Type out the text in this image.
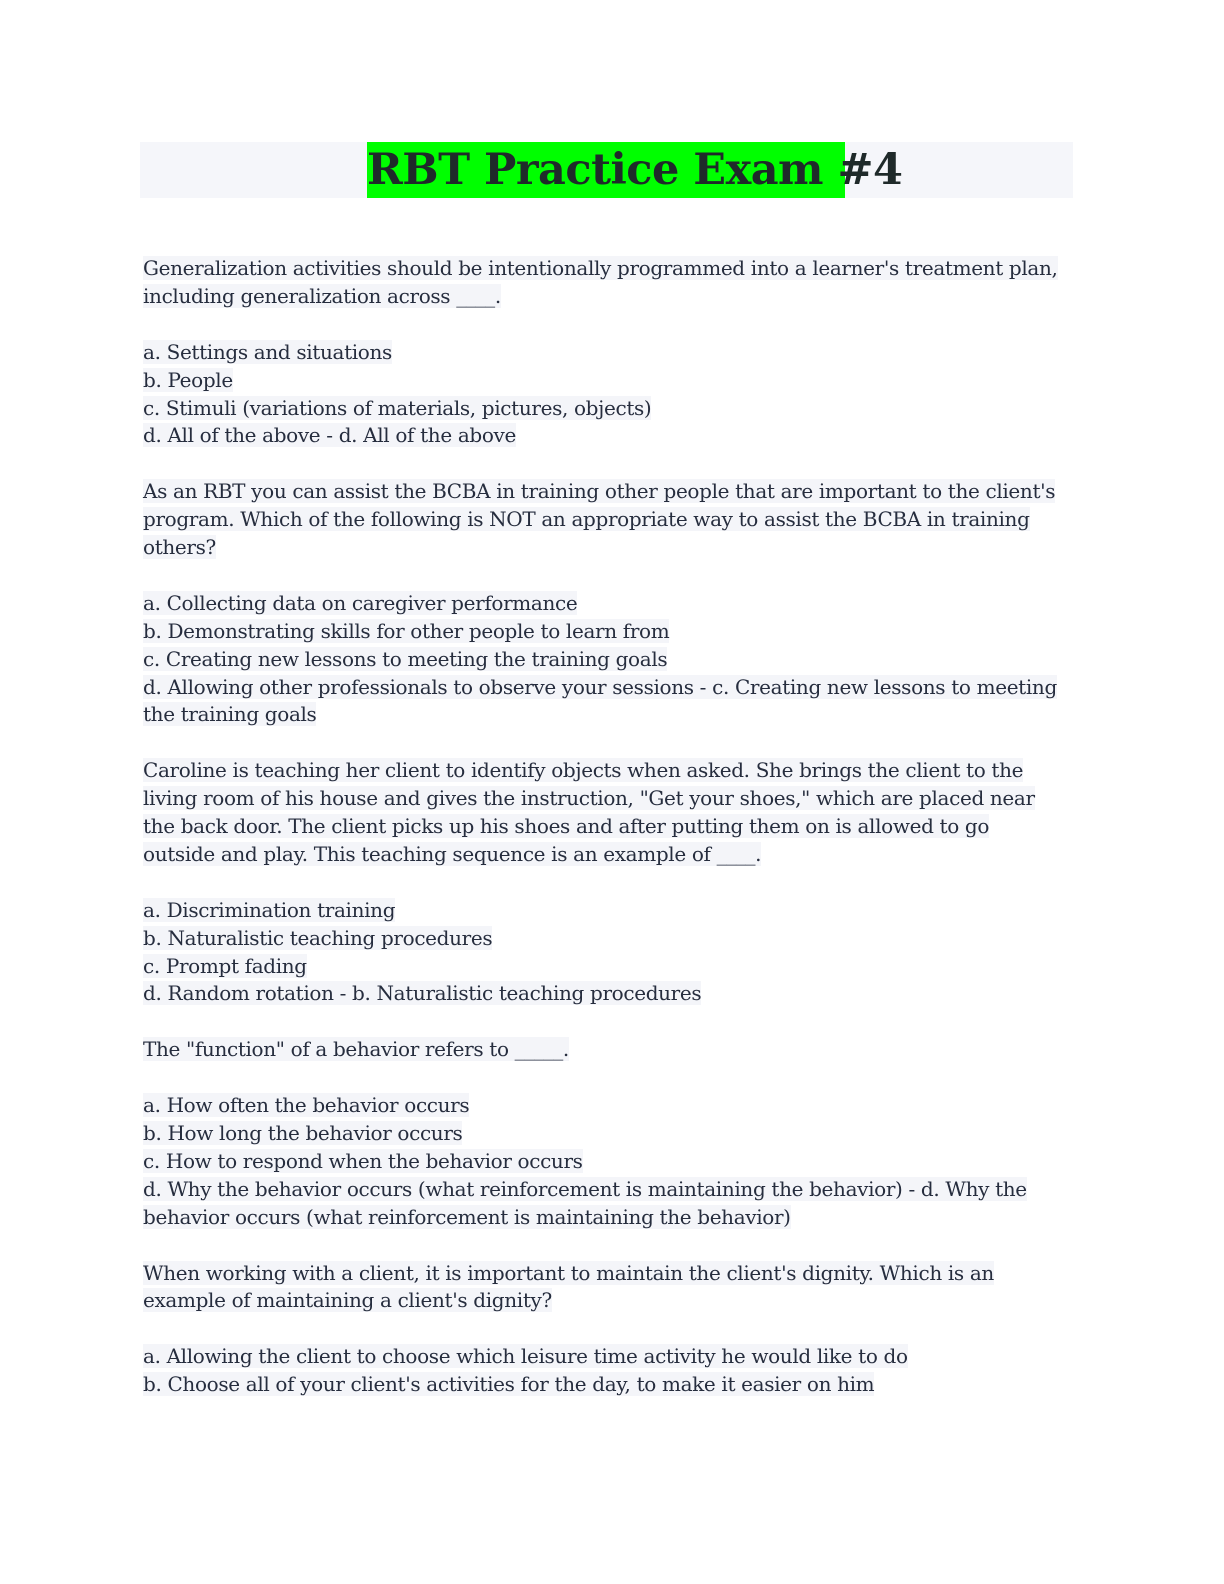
RBT Practice Exam #4
Generalization activities should be intentionally programmed into a learner's treatment plan, including generalization across ____.
a. Settings and situations
b. People
c. Stimuli (variations of materials, pictures, objects)
d. All of the above - d. All of the above
As an RBT you can assist the BCBA in training other people that are important to the client's program. Which of the following is NOT an appropriate way to assist the BCBA in training others?
a. Collecting data on caregiver performance
b. Demonstrating skills for other people to learn from
c. Creating new lessons to meeting the training goals
d. Allowing other professionals to observe your sessions - c. Creating new lessons to meeting the training goals
Caroline is teaching her client to identify objects when asked. She brings the client to the living room of his house and gives the instruction, "Get your shoes," which are placed near the back door. The client picks up his shoes and after putting them on is allowed to go outside and play. This teaching sequence is an example of ____.
a. Discrimination training
b. Naturalistic teaching procedures
c. Prompt fading
d. Random rotation - b. Naturalistic teaching procedures
The "function" of a behavior refers to _____.
a. How often the behavior occurs
b. How long the behavior occurs
c. How to respond when the behavior occurs
d. Why the behavior occurs (what reinforcement is maintaining the behavior) - d. Why the behavior occurs (what reinforcement is maintaining the behavior)
When working with a client, it is important to maintain the client's dignity. Which is an example of maintaining a client's dignity?
a. Allowing the client to choose which leisure time activity he would like to do
b. Choose all of your client's activities for the day, to make it easier on him
